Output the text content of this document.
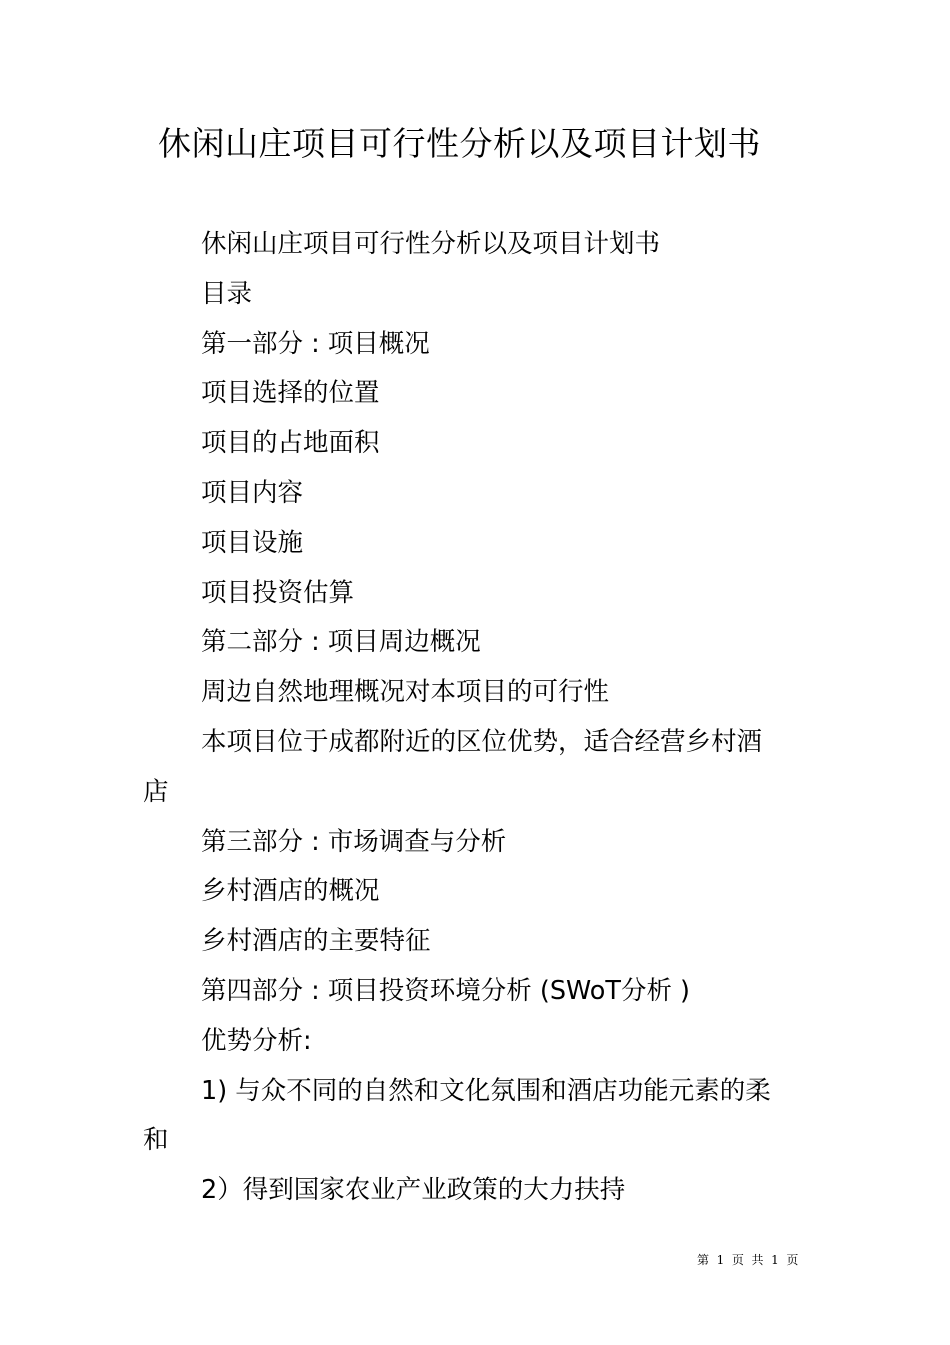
休闲山庄项目可行性分析以及项目计划书

休闲山庄项目可行性分析以及项目计划书

目录

第一部分 : 项目概况

项目选择的位置

项目的占地面积

项目内容

项目设施

项目投资估算

第二部分 : 项目周边概况

周边自然地理概况对本项目的可行性

本项目位于成都附近的区位优势，适合经营乡村酒店

第三部分 : 市场调查与分析

乡村酒店的概况

乡村酒店的主要特征

第四部分 : 项目投资环境分析 (SWoT分析 )

优势分析:

1) 与众不同的自然和文化氛围和酒店功能元素的柔和

2）得到国家农业产业政策的大力扶持

第  1  页  共  1  页
